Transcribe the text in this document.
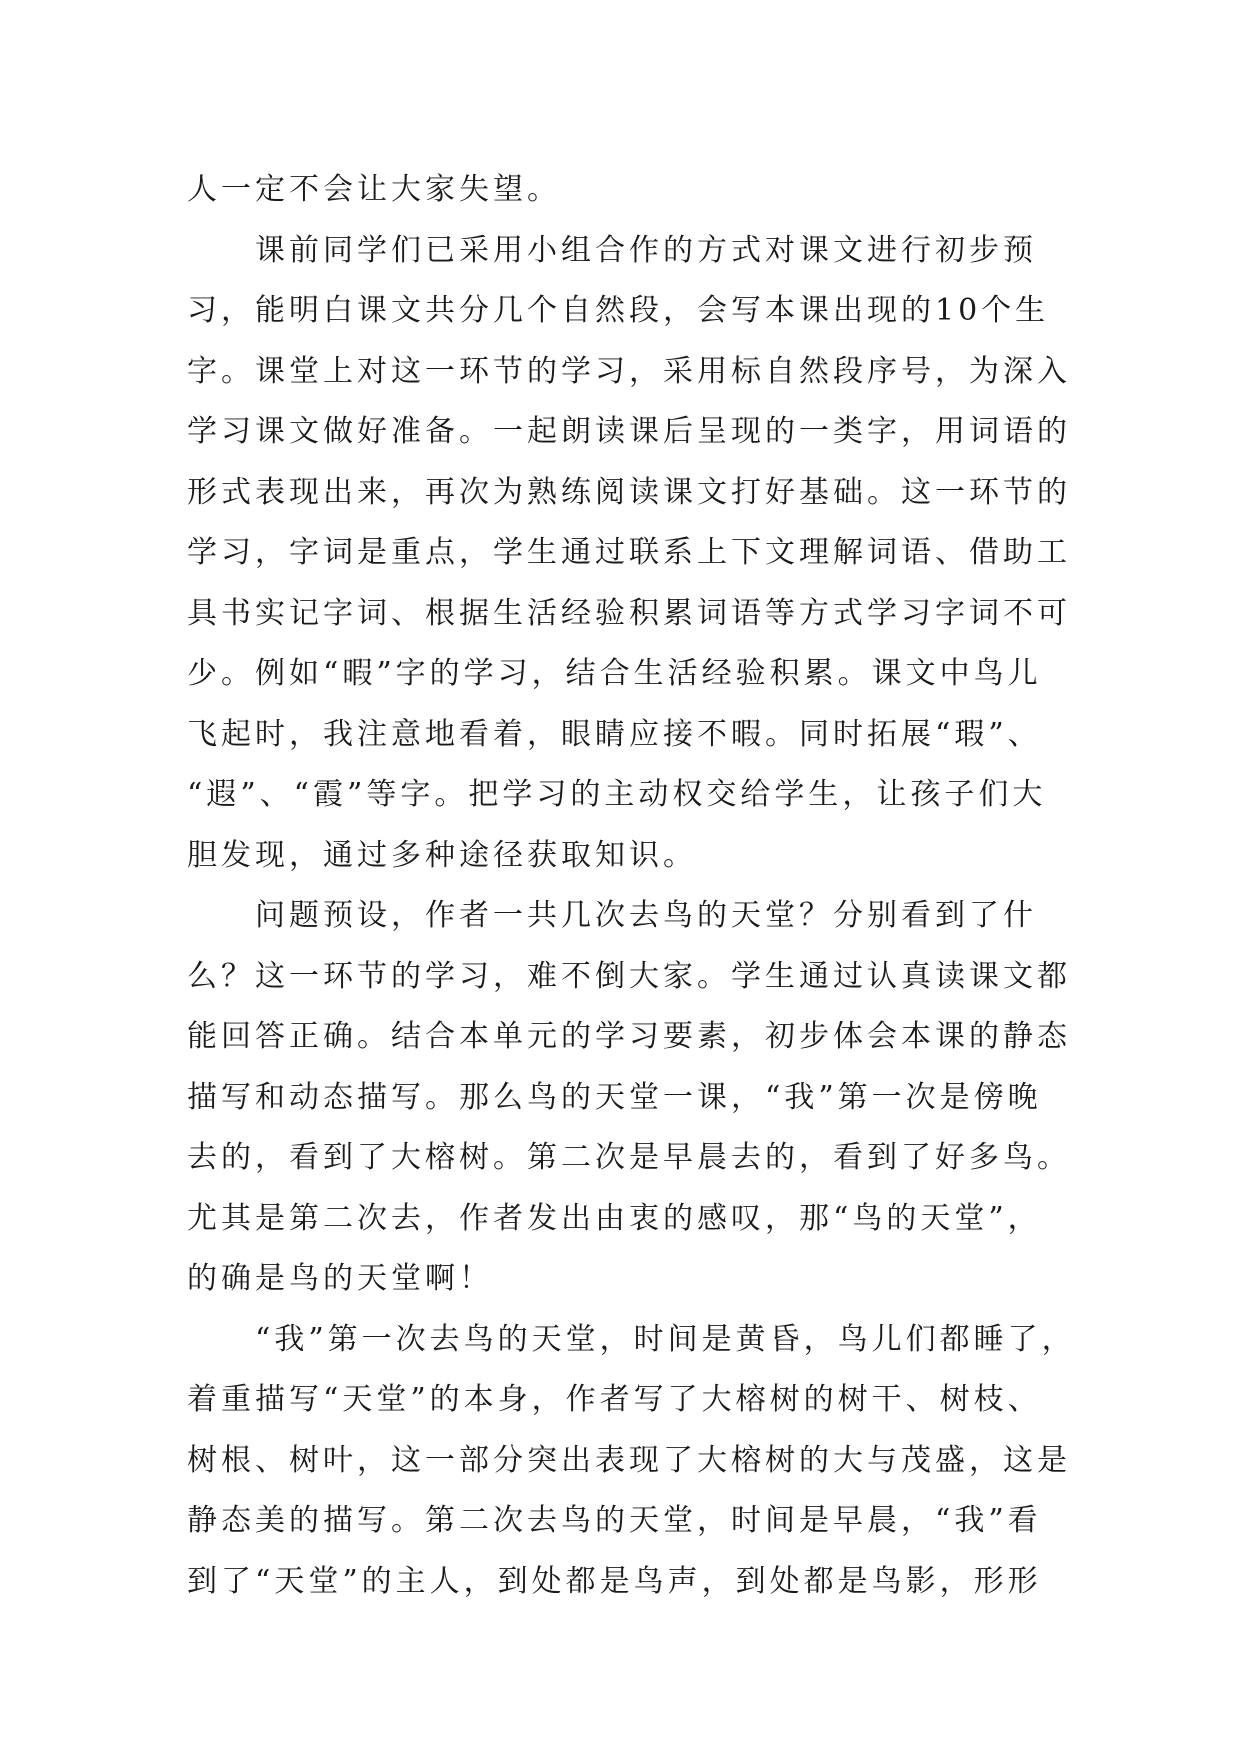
人一定不会让大家失望。
课前同学们已采用小组合作的方式对课文进行初步预
习，能明白课文共分几个自然段，会写本课出现的10个生
字。课堂上对这一环节的学习，采用标自然段序号，为深入
学习课文做好准备。一起朗读课后呈现的一类字，用词语的
形式表现出来，再次为熟练阅读课文打好基础。这一环节的
学习，字词是重点，学生通过联系上下文理解词语、借助工
具书实记字词、根据生活经验积累词语等方式学习字词不可
少。例如“暇”字的学习，结合生活经验积累。课文中鸟儿
飞起时，我注意地看着，眼睛应接不暇。同时拓展“瑕”、
“遐”、“霞”等字。把学习的主动权交给学生，让孩子们大
胆发现，通过多种途径获取知识。
问题预设，作者一共几次去鸟的天堂？分别看到了什
么？这一环节的学习，难不倒大家。学生通过认真读课文都
能回答正确。结合本单元的学习要素，初步体会本课的静态
描写和动态描写。那么鸟的天堂一课，“我”第一次是傍晚
去的，看到了大榕树。第二次是早晨去的，看到了好多鸟。
尤其是第二次去，作者发出由衷的感叹，那“鸟的天堂”，
的确是鸟的天堂啊！
“我”第一次去鸟的天堂，时间是黄昏，鸟儿们都睡了，
着重描写“天堂”的本身，作者写了大榕树的树干、树枝、
树根、树叶，这一部分突出表现了大榕树的大与茂盛，这是
静态美的描写。第二次去鸟的天堂，时间是早晨，“我”看
到了“天堂”的主人，到处都是鸟声，到处都是鸟影，形形
